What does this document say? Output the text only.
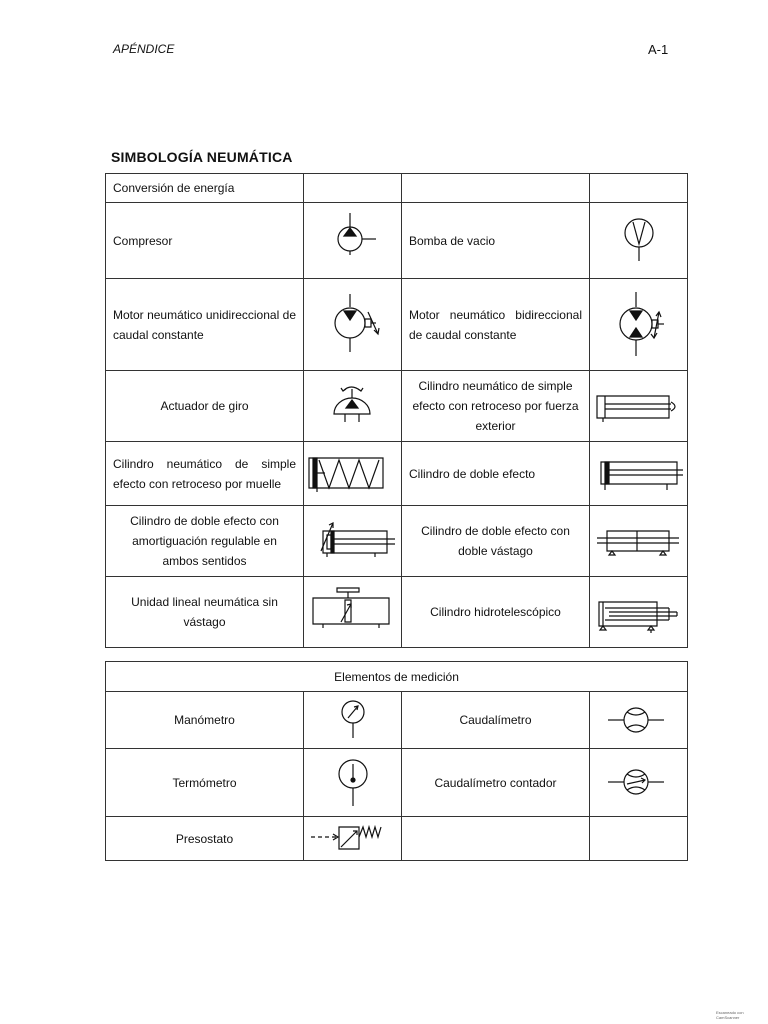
APÉNDICE	A-1
SIMBOLOGÍA NEUMÁTICA
Conversión de energía			
Compresor		Bomba de vacio	

Motor neumático unidireccional de caudal constante		Motor neumático bidireccional de caudal constante	

Actuador de giro		Cilindro neumático de simple efecto con retroceso por fuerza exterior	

Cilindro neumático de simple efecto con retroceso por muelle		Cilindro de doble efecto	

Cilindro de doble efecto con amortiguación regulable en ambos sentidos		Cilindro de doble efecto con doble vástago	

Unidad lineal neumática sin vástago		Cilindro hidrotelescópico	
Elementos de medición			
Manómetro		Caudalímetro	

Termómetro		Caudalímetro contador	

Presostato	

Escaneado con CamScanner
